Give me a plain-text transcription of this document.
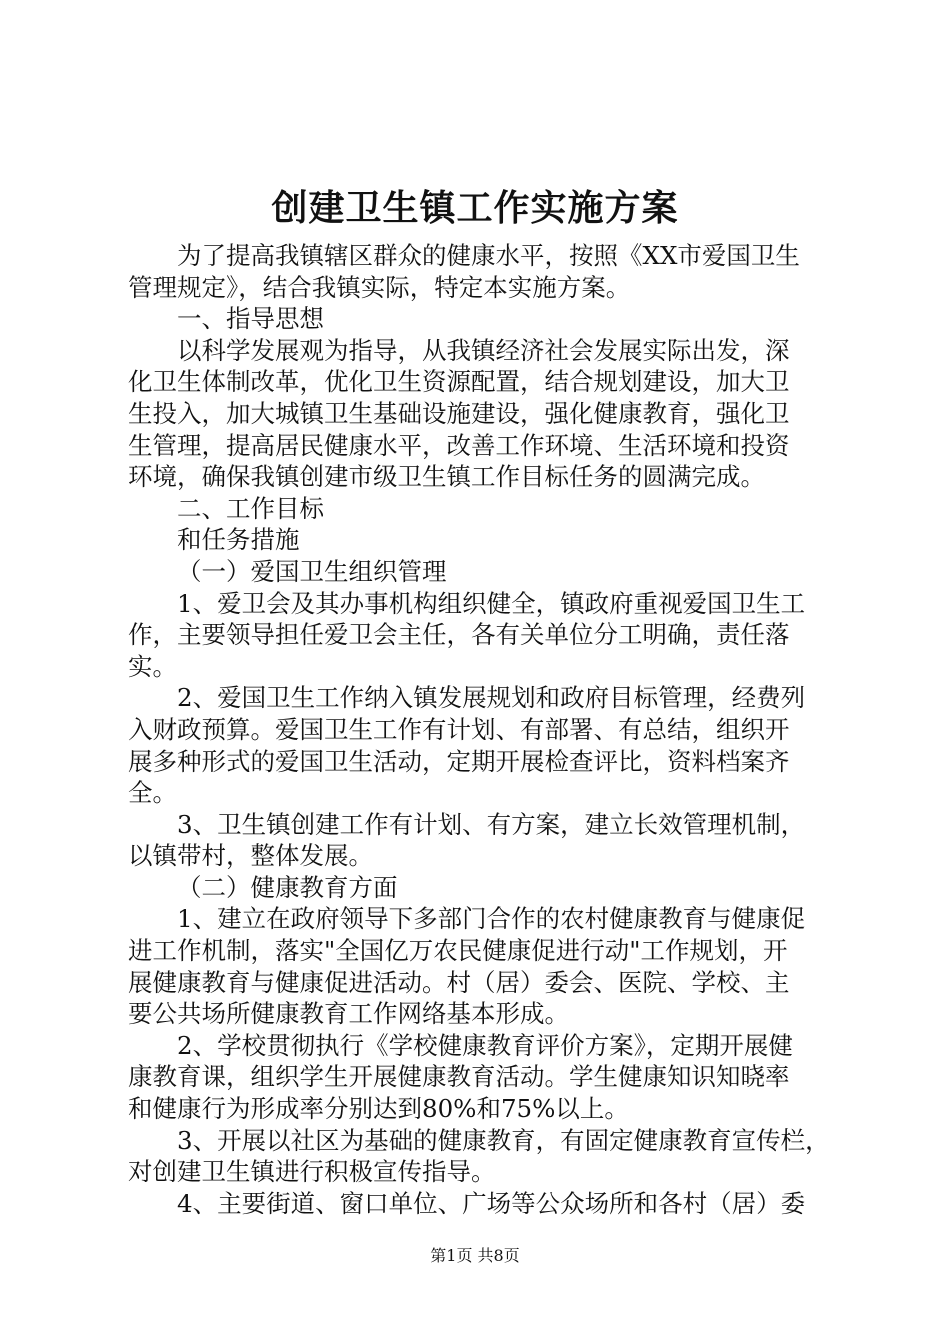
创建卫生镇工作实施方案
为了提高我镇辖区群众的健康水平，按照《XX市爱国卫生
管理规定》，结合我镇实际，特定本实施方案。
一、指导思想
以科学发展观为指导，从我镇经济社会发展实际出发，深
化卫生体制改革，优化卫生资源配置，结合规划建设，加大卫
生投入，加大城镇卫生基础设施建设，强化健康教育，强化卫
生管理，提高居民健康水平，改善工作环境、生活环境和投资
环境，确保我镇创建市级卫生镇工作目标任务的圆满完成。
二、工作目标
和任务措施
（一）爱国卫生组织管理
1、爱卫会及其办事机构组织健全，镇政府重视爱国卫生工
作，主要领导担任爱卫会主任，各有关单位分工明确，责任落
实。
2、爱国卫生工作纳入镇发展规划和政府目标管理，经费列
入财政预算。爱国卫生工作有计划、有部署、有总结，组织开
展多种形式的爱国卫生活动，定期开展检查评比，资料档案齐
全。
3、卫生镇创建工作有计划、有方案，建立长效管理机制，
以镇带村，整体发展。
（二）健康教育方面
1、建立在政府领导下多部门合作的农村健康教育与健康促
进工作机制，落实"全国亿万农民健康促进行动"工作规划，开
展健康教育与健康促进活动。村（居）委会、医院、学校、主
要公共场所健康教育工作网络基本形成。
2、学校贯彻执行《学校健康教育评价方案》，定期开展健
康教育课，组织学生开展健康教育活动。学生健康知识知晓率
和健康行为形成率分别达到80%和75%以上。
3、开展以社区为基础的健康教育，有固定健康教育宣传栏，
对创建卫生镇进行积极宣传指导。
4、主要街道、窗口单位、广场等公众场所和各村（居）委
第1页 共8页
